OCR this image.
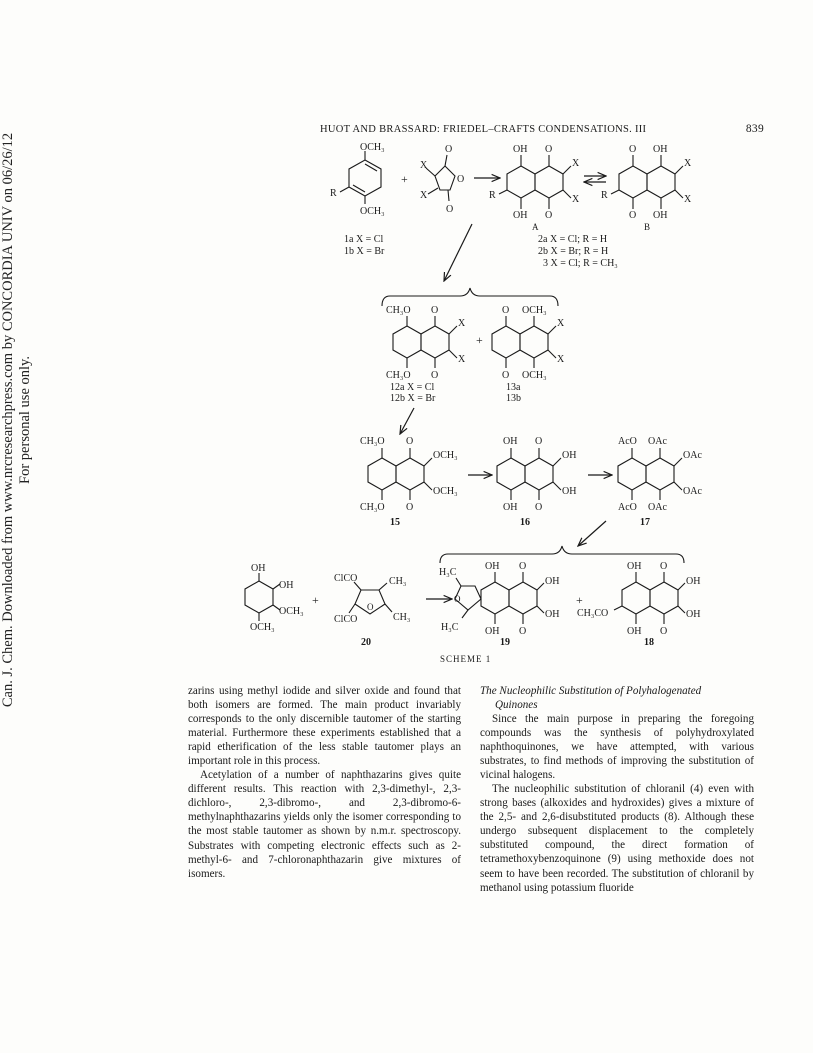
Can. J. Chem. Downloaded from www.nrcresearchpress.com by CONCORDIA UNIV on 06/26/12 For personal use only.
HUOT AND BRASSARD: FRIEDEL–CRAFTS CONDENSATIONS. III	839
OCH₃
OCH₃
R
+
X
X
O
O
O
OH O
OH O
X
X
R
A
O OH
O OH
X
X
R
B
1a X = Cl
1b X = Br
2a X = Cl; R = H
2b X = Br; R = H
3 X = Cl; R = CH₃
CH₃O O
CH₃O O
X
X
+
O OCH₃
O OCH₃
X
X
12a X = Cl
12b X = Br
13a
13b
CH₃O O
CH₃O O
OCH₃
OCH₃
15
OH O
OH O
OH
OH
16
AcO OAc
AcO OAc
OAc
OAc
17
OH
OH
OCH₃
OCH₃
+
ClCO
ClCO
CH₃
CH₃
O
20
H₃C
H₃C
OH O
OH O
OH
OH
O
19
+
OH O
OH O
OH
OH
CH₃CO
18
SCHEME 1

zarins using methyl iodide and silver oxide and found that both isomers are formed. The main product invariably corresponds to the only discernible tautomer of the starting material. Furthermore these experiments established that a rapid etherification of the less stable tautomer plays an important role in this process.

Acetylation of a number of naphthazarins gives quite different results. This reaction with 2,3-dimethyl-, 2,3-dichloro-, 2,3-dibromo-, and 2,3-dibromo-6-methylnaphthazarins yields only the isomer corresponding to the most stable tautomer as shown by n.m.r. spectroscopy. Substrates with competing electronic effects such as 2-methyl-6- and 7-chloronaphthazarin give mixtures of isomers.

The Nucleophilic Substitution of Polyhalogenated
Quinones

Since the main purpose in preparing the foregoing compounds was the synthesis of polyhydroxylated naphthoquinones, we have attempted, with various substrates, to find methods of improving the substitution of vicinal halogens.

The nucleophilic substitution of chloranil (4) even with strong bases (alkoxides and hydroxides) gives a mixture of the 2,5- and 2,6-disubstituted products (8). Although these undergo subsequent displacement to the completely substituted compound, the direct formation of tetramethoxybenzoquinone (9) using methoxide does not seem to have been recorded. The substitution of chloranil by methanol using potassium fluoride
